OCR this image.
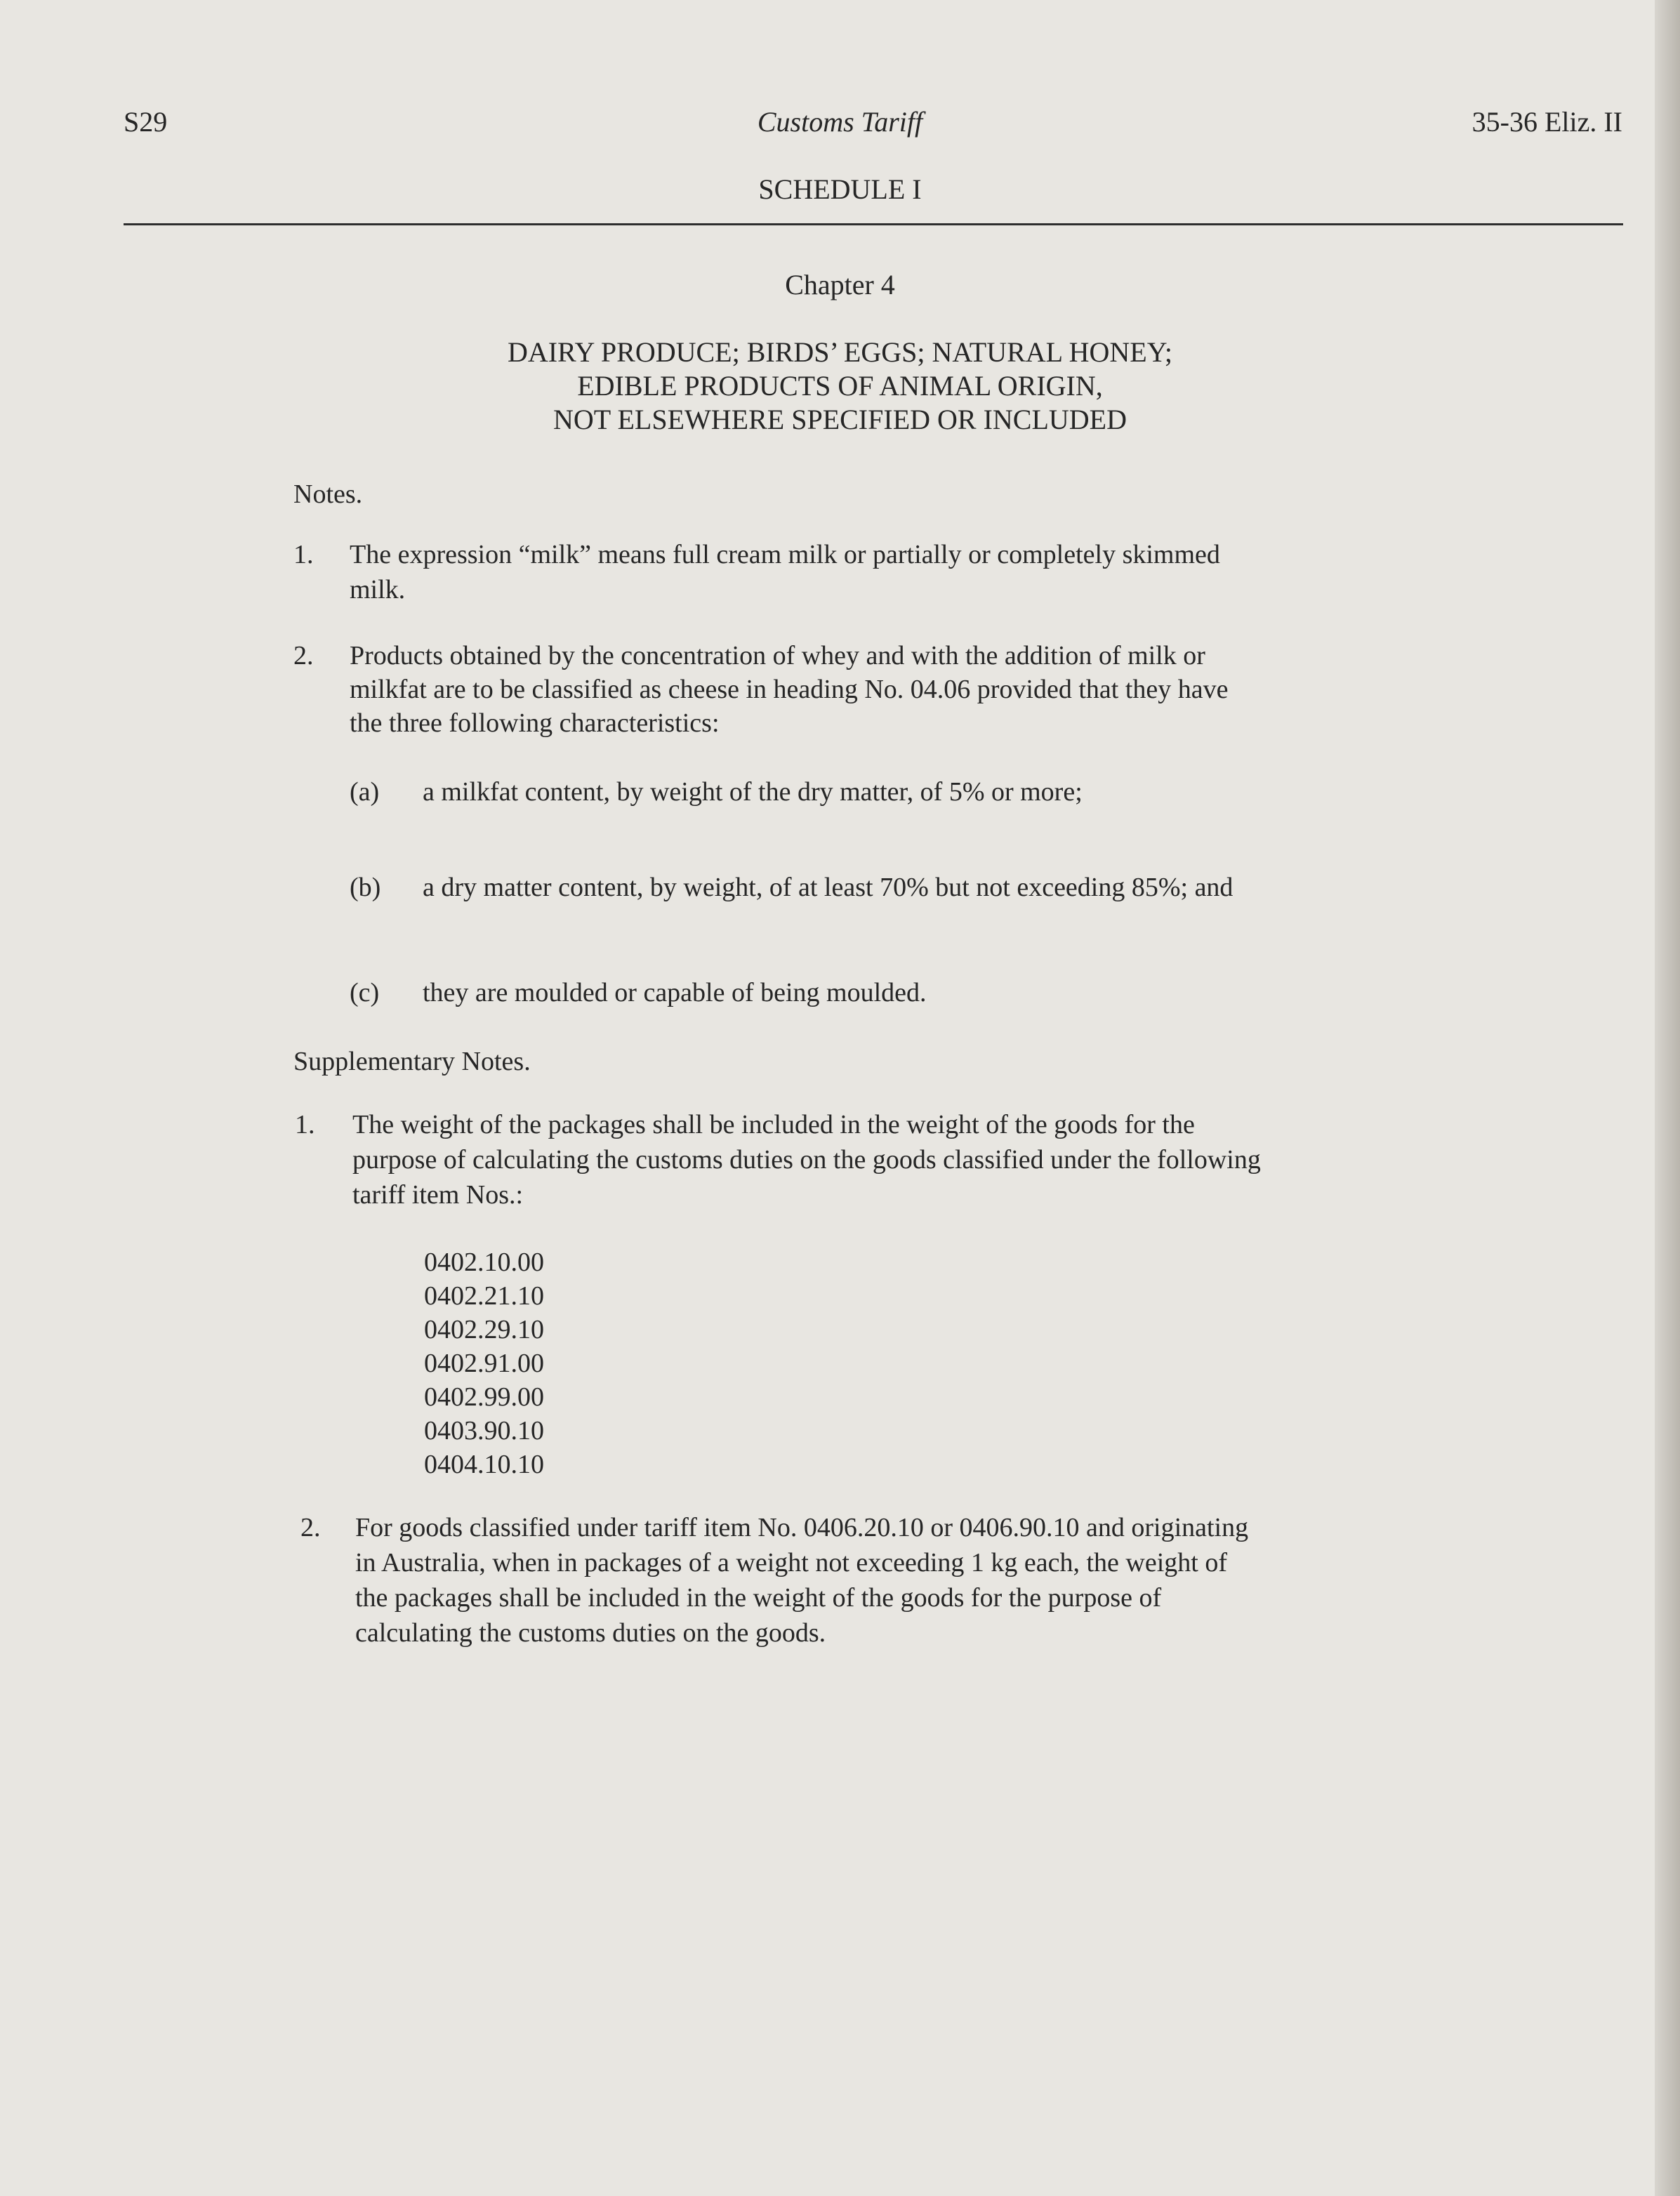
S29	Customs Tariff	35-36 Eliz. II
SCHEDULE I
Chapter 4
DAIRY PRODUCE; BIRDS’ EGGS; NATURAL HONEY;
EDIBLE PRODUCTS OF ANIMAL ORIGIN,
NOT ELSEWHERE SPECIFIED OR INCLUDED
Notes.
1. The expression “milk” means full cream milk or partially or completely skimmed
milk.
2. Products obtained by the concentration of whey and with the addition of milk or
milkfat are to be classified as cheese in heading No. 04.06 provided that they have
the three following characteristics:
(a) a milkfat content, by weight of the dry matter, of 5% or more;
(b) a dry matter content, by weight, of at least 70% but not exceeding 85%; and
(c) they are moulded or capable of being moulded.
Supplementary Notes.
1. The weight of the packages shall be included in the weight of the goods for the
purpose of calculating the customs duties on the goods classified under the following
tariff item Nos.:
0402.10.00
0402.21.10
0402.29.10
0402.91.00
0402.99.00
0403.90.10
0404.10.10
2. For goods classified under tariff item No. 0406.20.10 or 0406.90.10 and originating
in Australia, when in packages of a weight not exceeding 1 kg each, the weight of
the packages shall be included in the weight of the goods for the purpose of
calculating the customs duties on the goods.
